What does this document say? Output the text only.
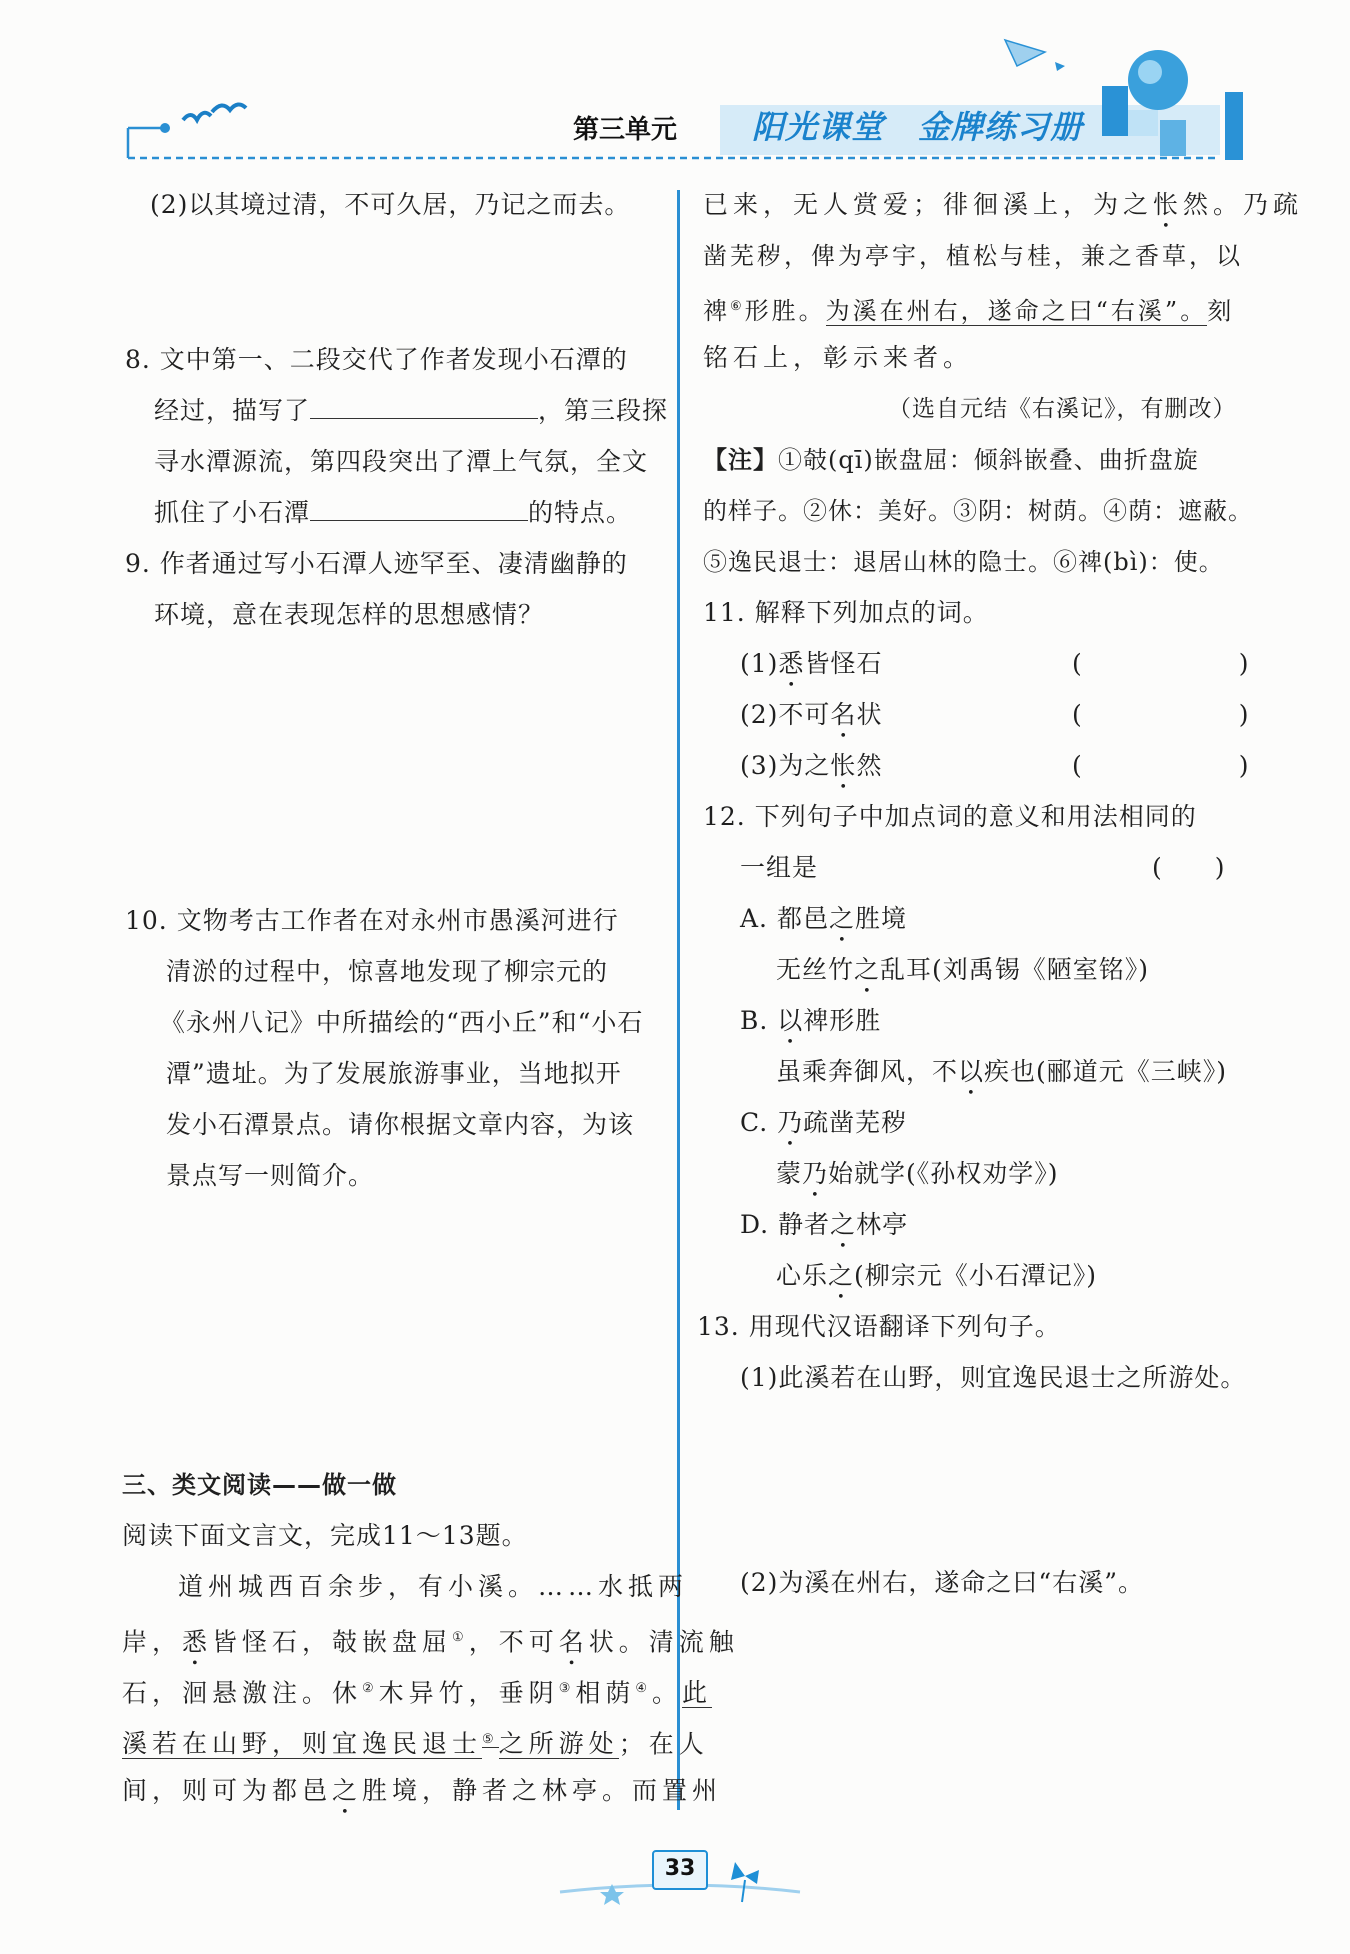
第三单元 阳光课堂 金牌练习册
(2)以其境过清，不可久居，乃记之而去。
8. 文中第一、二段交代了作者发现小石潭的
经过，描写了	，第三段探
寻水潭源流，第四段突出了潭上气氛，全文
抓住了小石潭	的特点。
9. 作者通过写小石潭人迹罕至、凄清幽静的
环境，意在表现怎样的思想感情？
10. 文物考古工作者在对永州市愚溪河进行
清淤的过程中，惊喜地发现了柳宗元的
《永州八记》中所描绘的“西小丘”和“小石
潭”遗址。为了发展旅游事业，当地拟开
发小石潭景点。请你根据文章内容，为该
景点写一则简介。
三、类文阅读——做一做
阅读下面文言文，完成11～13题。
道州城西百余步，有小溪。……水抵两
岸，悉皆怪石，攲嵌盘屈①，不可名状。清流触
石，洄悬激注。休②木异竹，垂阴③相荫④。此
溪若在山野，则宜逸民退士⑤之所游处；在人
间，则可为都邑之胜境，静者之林亭。而置州
已来，无人赏爱；徘徊溪上，为之怅然。乃疏
凿芜秽，俾为亭宇，植松与桂，兼之香草，以
禆⑥形胜。为溪在州右，遂命之曰“右溪”。刻
铭石上，彰示来者。
（选自元结《右溪记》，有删改）
【注】①攲(qī)嵌盘屈：倾斜嵌叠、曲折盘旋
的样子。②休：美好。③阴：树荫。④荫：遮蔽。
⑤逸民退士：退居山林的隐士。⑥禆(bì)：使。
11. 解释下列加点的词。
(1)悉皆怪石	(　　　　　　)
(2)不可名状	(　　　　　　)
(3)为之怅然	(　　　　　　)
12. 下列句子中加点词的意义和用法相同的
一组是	(　　)
A. 都邑之胜境
无丝竹之乱耳(刘禹锡《陋室铭》)
B. 以禆形胜
虽乘奔御风，不以疾也(郦道元《三峡》)
C. 乃疏凿芜秽
蒙乃始就学(《孙权劝学》)
D. 静者之林亭
心乐之(柳宗元《小石潭记》)
13. 用现代汉语翻译下列句子。
(1)此溪若在山野，则宜逸民退士之所游处。
(2)为溪在州右，遂命之曰“右溪”。
33
